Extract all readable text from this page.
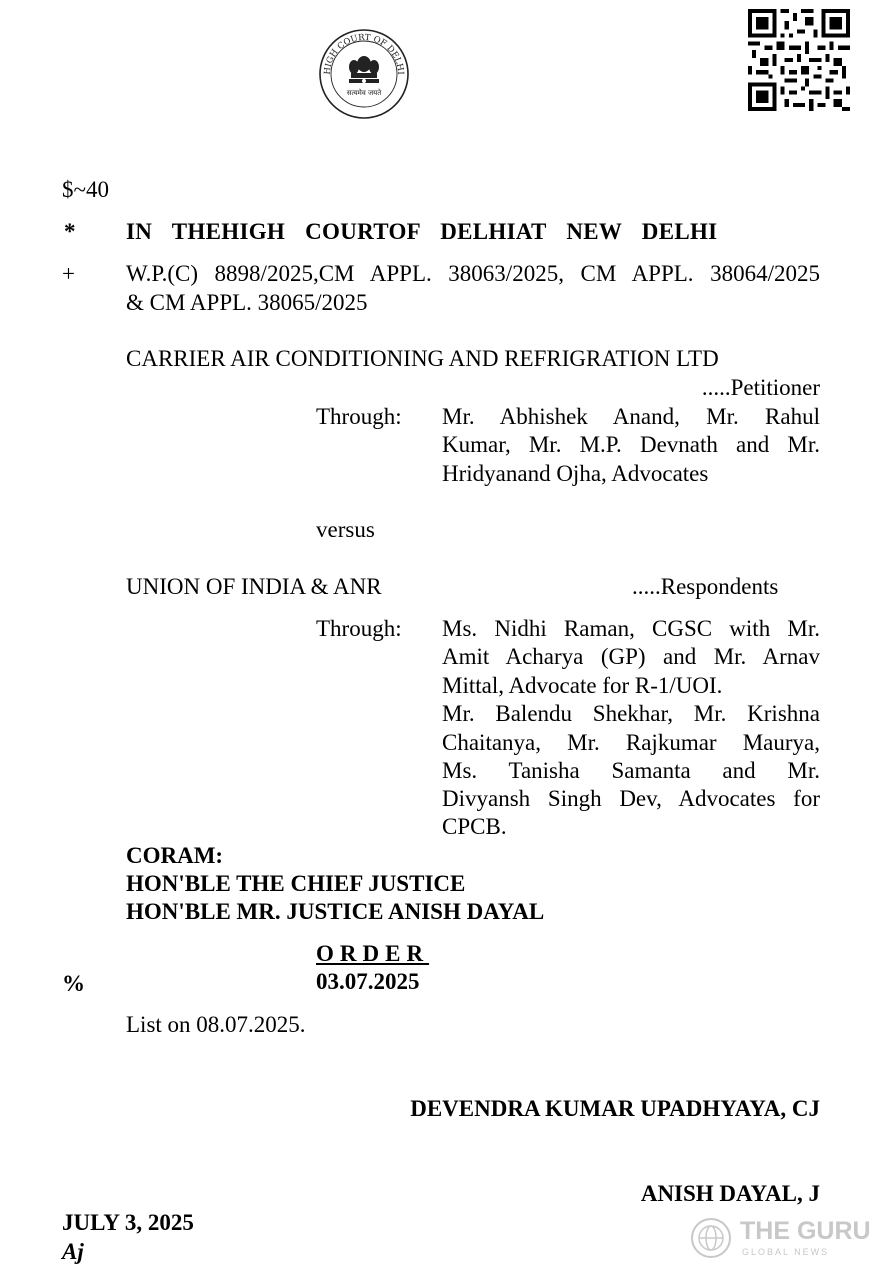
HIGH COURT OF DELHI
सत्यमेव जयते
$~40
* IN THEHIGH COURTOF DELHIAT NEW DELHI
+ W.P.(C) 8898/2025,CM APPL. 38063/2025, CM APPL. 38064/2025
& CM APPL. 38065/2025
CARRIER AIR CONDITIONING AND REFRIGRATION LTD
.....Petitioner
Through: Mr. Abhishek Anand, Mr. Rahul
Kumar, Mr. M.P. Devnath and Mr.
Hridyanand Ojha, Advocates
versus
UNION OF INDIA & ANR	.....Respondents
Through: Ms. Nidhi Raman, CGSC with Mr.
Amit Acharya (GP) and Mr. Arnav
Mittal, Advocate for R-1/UOI.
Mr. Balendu Shekhar, Mr. Krishna
Chaitanya, Mr. Rajkumar Maurya,
Ms. Tanisha Samanta and Mr.
Divyansh Singh Dev, Advocates for
CPCB.
CORAM:
HON'BLE THE CHIEF JUSTICE
HON'BLE MR. JUSTICE ANISH DAYAL
ORDER
03.07.2025
%
List on 08.07.2025.
DEVENDRA KUMAR UPADHYAYA, CJ
ANISH DAYAL, J
JULY 3, 2025
Aj
THE GURU
GLOBAL NEWS
